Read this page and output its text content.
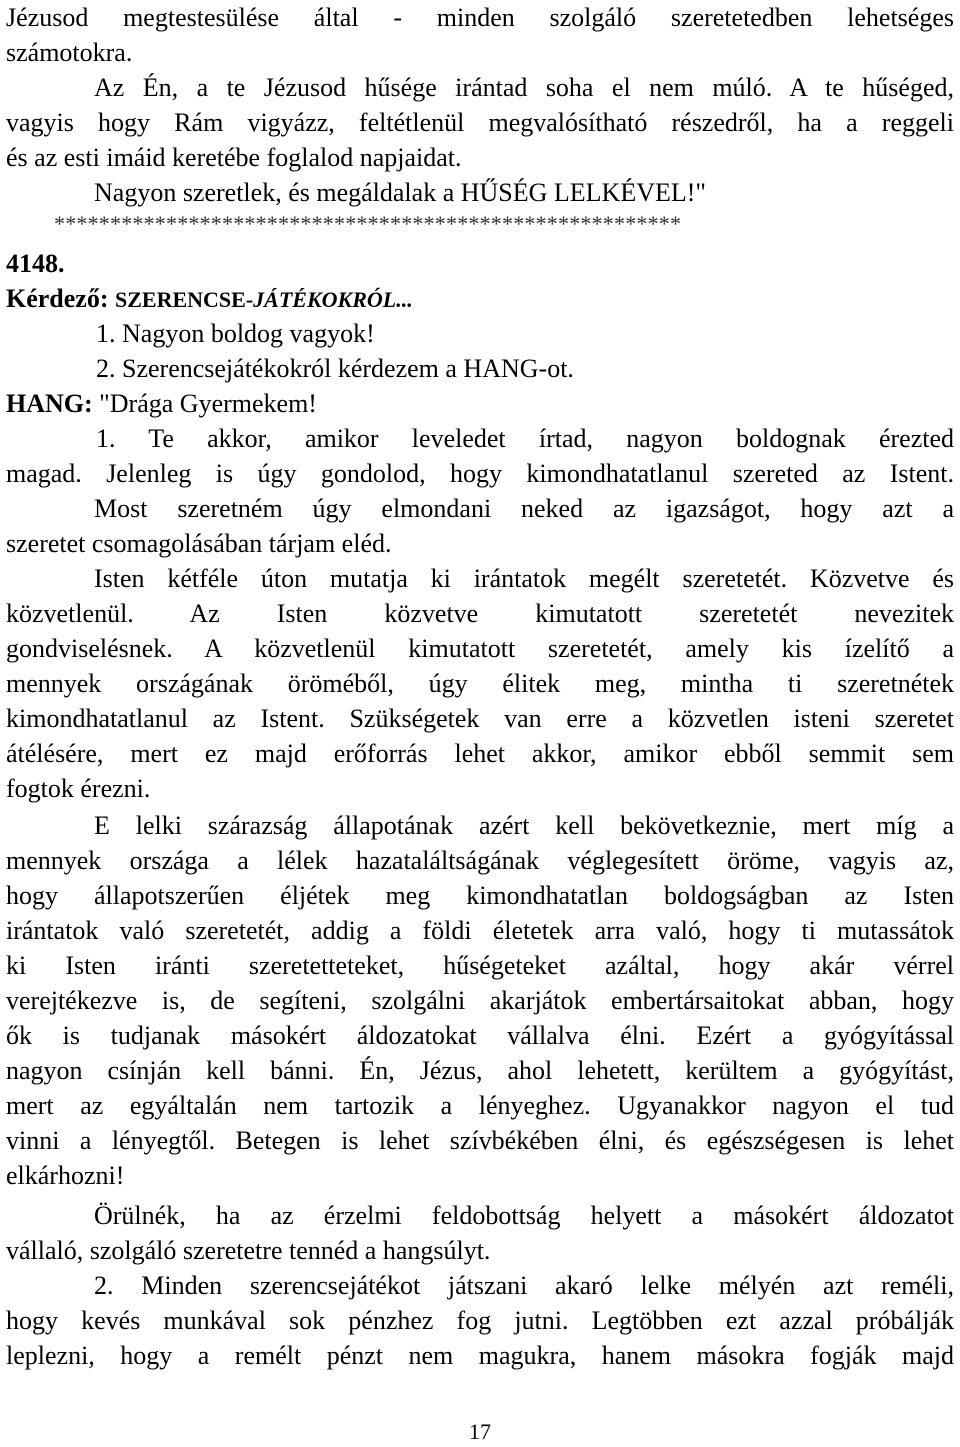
Jézusod megtestesülése által - minden szolgáló szeretetedben lehetséges
számotokra.
Az Én, a te Jézusod hűsége irántad soha el nem múló. A te hűséged,
vagyis hogy Rám vigyázz, feltétlenül megvalósítható részedről, ha a reggeli
és az esti imáid keretébe foglalod napjaidat.
Nagyon szeretlek, és megáldalak a HŰSÉG LELKÉVEL!"
********************************************************
4148.
Kérdező: SZERENCSE-JÁTÉKOKRÓL...
1. Nagyon boldog vagyok!
2. Szerencsejátékokról kérdezem a HANG-ot.
HANG: "Drága Gyermekem!
1. Te akkor, amikor leveledet írtad, nagyon boldognak érezted
magad. Jelenleg is úgy gondolod, hogy kimondhatatlanul szereted az Istent.
Most szeretném úgy elmondani neked az igazságot, hogy azt a
szeretet csomagolásában tárjam eléd.
Isten kétféle úton mutatja ki irántatok megélt szeretetét. Közvetve és
közvetlenül. Az Isten közvetve kimutatott szeretetét nevezitek
gondviselésnek. A közvetlenül kimutatott szeretetét, amely kis ízelítő a
mennyek országának öröméből, úgy élitek meg, mintha ti szeretnétek
kimondhatatlanul az Istent. Szükségetek van erre a közvetlen isteni szeretet
átélésére, mert ez majd erőforrás lehet akkor, amikor ebből semmit sem
fogtok érezni.
E lelki szárazság állapotának azért kell bekövetkeznie, mert míg a
mennyek országa a lélek hazataláltságának véglegesített öröme, vagyis az,
hogy állapotszerűen éljétek meg kimondhatatlan boldogságban az Isten
irántatok való szeretetét, addig a földi életetek arra való, hogy ti mutassátok
ki Isten iránti szeretetteteket, hűségeteket azáltal, hogy akár vérrel
verejtékezve is, de segíteni, szolgálni akarjátok embertársaitokat abban, hogy
ők is tudjanak másokért áldozatokat vállalva élni. Ezért a gyógyítással
nagyon csínján kell bánni. Én, Jézus, ahol lehetett, kerültem a gyógyítást,
mert az egyáltalán nem tartozik a lényeghez. Ugyanakkor nagyon el tud
vinni a lényegtől. Betegen is lehet szívbékében élni, és egészségesen is lehet
elkárhozni!
Örülnék, ha az érzelmi feldobottság helyett a másokért áldozatot
vállaló, szolgáló szeretetre tennéd a hangsúlyt.
2. Minden szerencsejátékot játszani akaró lelke mélyén azt reméli,
hogy kevés munkával sok pénzhez fog jutni. Legtöbben ezt azzal próbálják
leplezni, hogy a remélt pénzt nem magukra, hanem másokra fogják majd
17
